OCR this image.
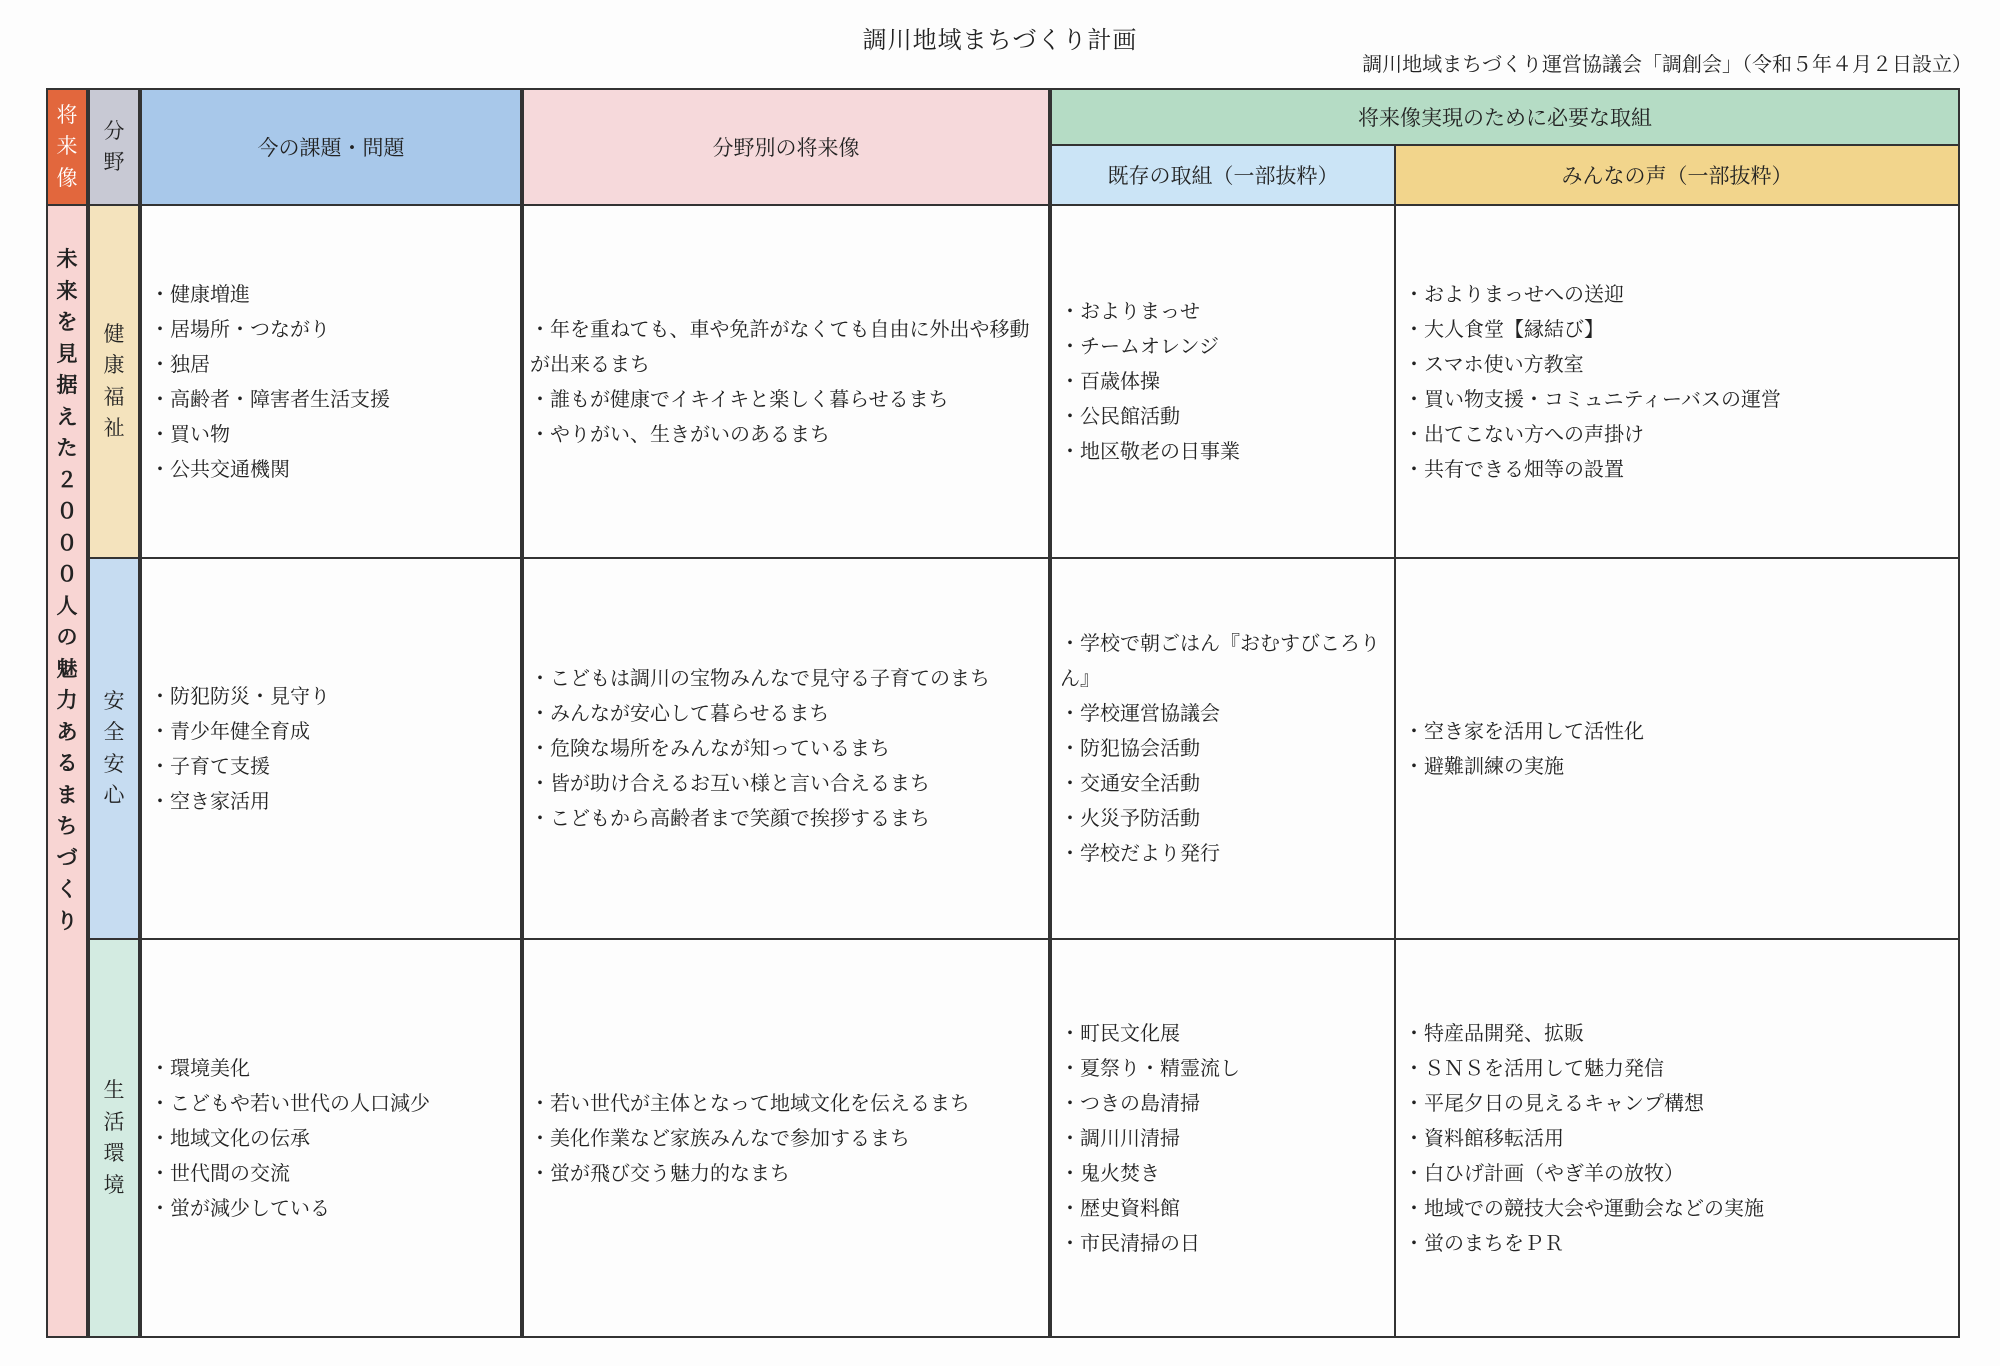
調川地域まちづくり計画
調川地域まちづくり運営協議会「調創会」（令和５年４月２日設立）
将
来
像
分
野
今の課題・問題	分野別の将来像
将来像実現のために必要な取組
既存の取組（一部抜粋）	みんなの声（一部抜粋）
未
来
を
見
据
え
た
２
０
０
０
人
の
魅
力
あ
る
ま
ち
づ
く
り
健
康
福
祉
・ 健康増進
・ 居場所・つながり
・ 独居
・ 高齢者・障害者生活支援
・ 買い物
・ 公共交通機関
・ 年を重ねても、車や免許がなくても自由に外出や移動が出来るまち
・ 誰もが健康でイキイキと楽しく暮らせるまち
・ やりがい、生きがいのあるまち
・ およりまっせ
・ チームオレンジ
・ 百歳体操
・ 公民館活動
・ 地区敬老の日事業
・ およりまっせへの送迎
・ 大人食堂【縁結び】
・ スマホ使い方教室
・ 買い物支援・コミュニティーバスの運営
・ 出てこない方への声掛け
・ 共有できる畑等の設置
安
全
安
心
・ 防犯防災・見守り
・ 青少年健全育成
・ 子育て支援
・ 空き家活用
・ こどもは調川の宝物みんなで見守る子育てのまち
・ みんなが安心して暮らせるまち
・ 危険な場所をみんなが知っているまち
・ 皆が助け合えるお互い様と言い合えるまち
・ こどもから高齢者まで笑顔で挨拶するまち
・ 学校で朝ごはん『おむすびころりん』
・ 学校運営協議会
・ 防犯協会活動
・ 交通安全活動
・ 火災予防活動
・ 学校だより発行
・ 空き家を活用して活性化
・ 避難訓練の実施
生
活
環
境
・ 環境美化
・ こどもや若い世代の人口減少
・ 地域文化の伝承
・ 世代間の交流
・ 蛍が減少している
・ 若い世代が主体となって地域文化を伝えるまち
・ 美化作業など家族みんなで参加するまち
・ 蛍が飛び交う魅力的なまち
・ 町民文化展
・ 夏祭り・精霊流し
・ つきの島清掃
・ 調川川清掃
・ 鬼火焚き
・ 歴史資料館
・ 市民清掃の日
・ 特産品開発、拡販
・ ＳＮＳを活用して魅力発信
・ 平尾夕日の見えるキャンプ構想
・ 資料館移転活用
・ 白ひげ計画（やぎ羊の放牧）
・ 地域での競技大会や運動会などの実施
・ 蛍のまちをＰＲ
